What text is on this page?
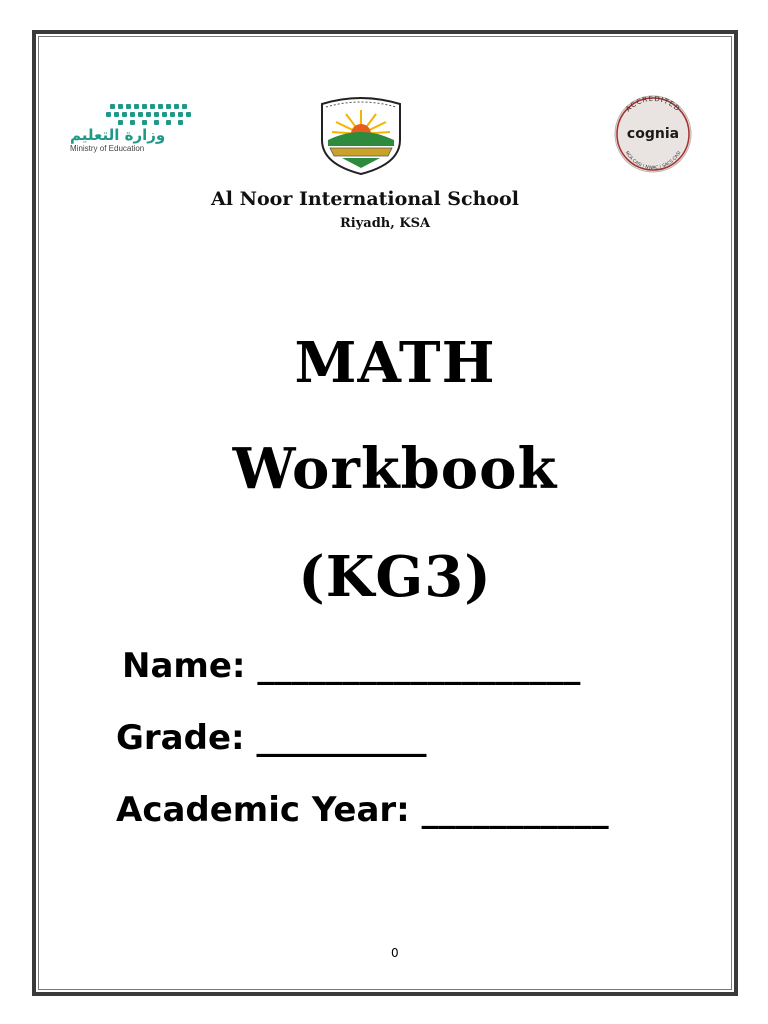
وزارة التعليم
Ministry of Education
ACCREDITED
NCA CASI | NWAC | SACS CASI
cognia
Al Noor International School
Riyadh, KSA
MATH
Workbook
(KG3)
Name: ___________________
Grade: __________
Academic Year: ___________
0
